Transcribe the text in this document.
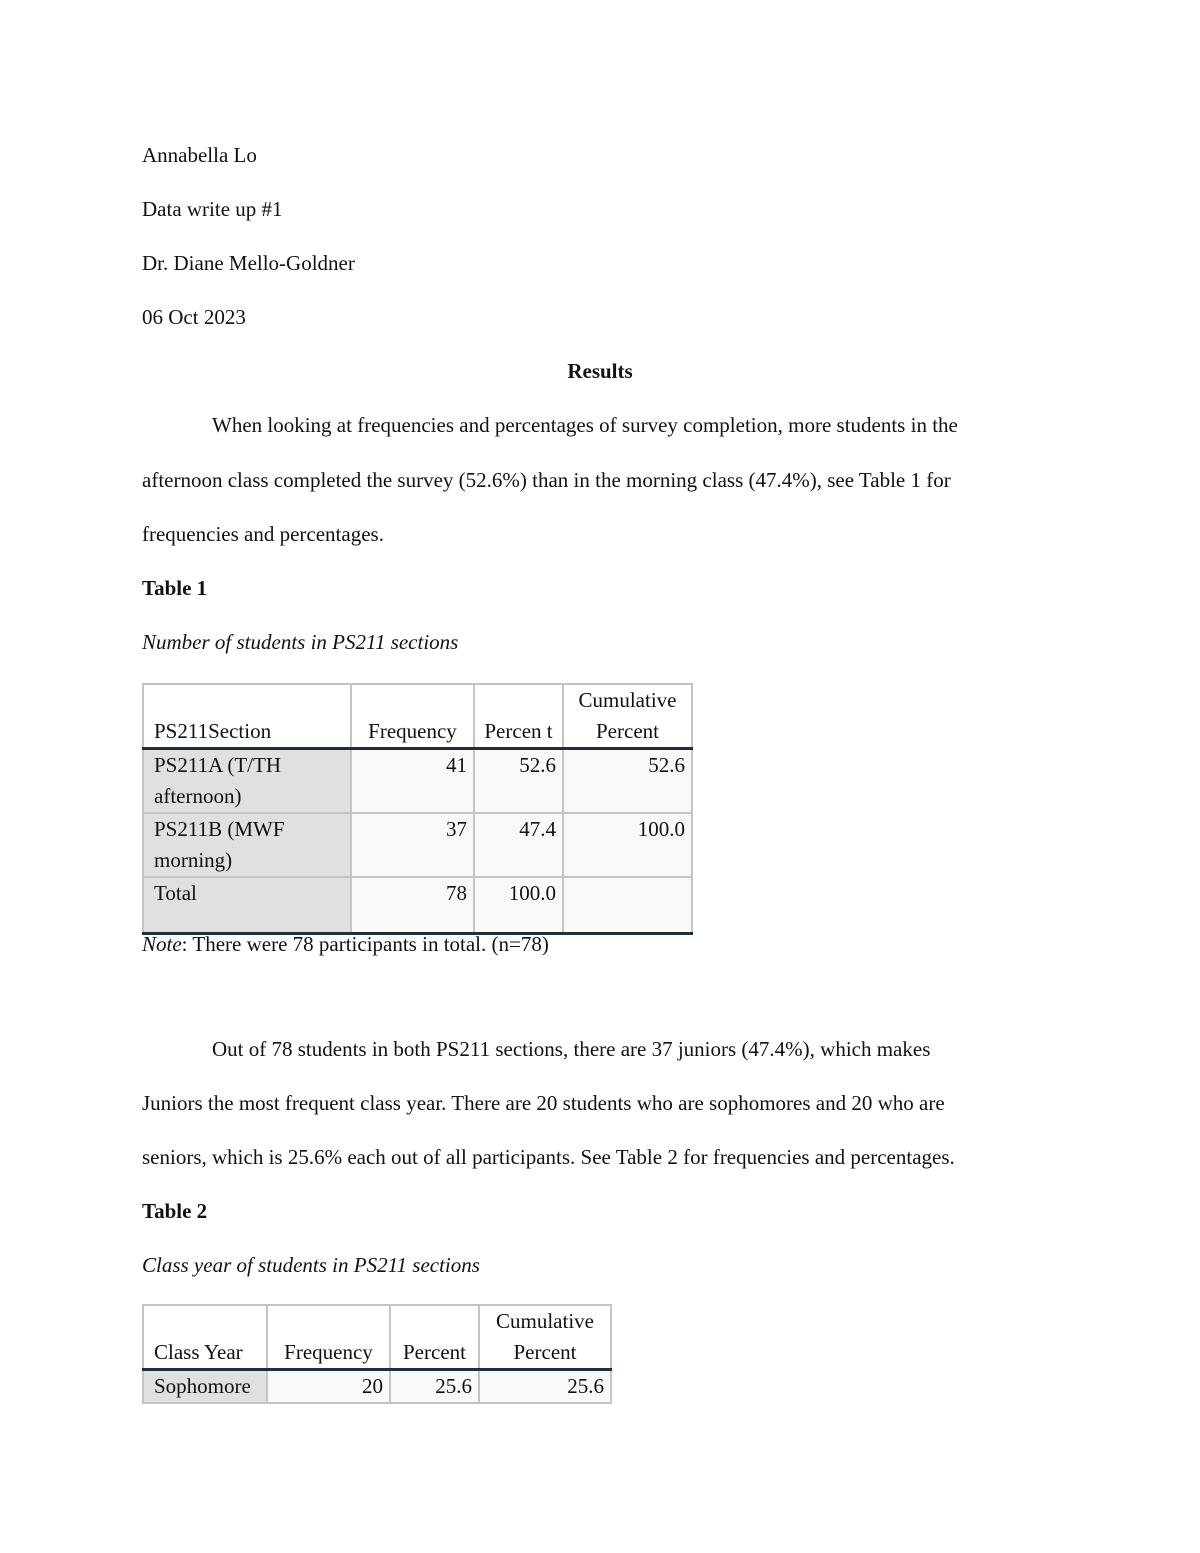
Annabella Lo
Data write up #1
Dr. Diane Mello-Goldner
06 Oct 2023
Results
When looking at frequencies and percentages of survey completion, more students in the
afternoon class completed the survey (52.6%) than in the morning class (47.4%), see Table 1 for
frequencies and percentages.
Table 1
Number of students in PS211 sections
PS211Section	Frequency	Percen t	Cumulative Percent
PS211A (T/TH afternoon)	41	52.6	52.6
PS211B (MWF morning)	37	47.4	100.0
Total	78	100.0	
Note: There were 78 participants in total. (n=78)
Out of 78 students in both PS211 sections, there are 37 juniors (47.4%), which makes
Juniors the most frequent class year. There are 20 students who are sophomores and 20 who are
seniors, which is 25.6% each out of all participants. See Table 2 for frequencies and percentages.
Table 2
Class year of students in PS211 sections
Class Year	Frequency	Percent	Cumulative Percent
Sophomore	20	25.6	25.6
